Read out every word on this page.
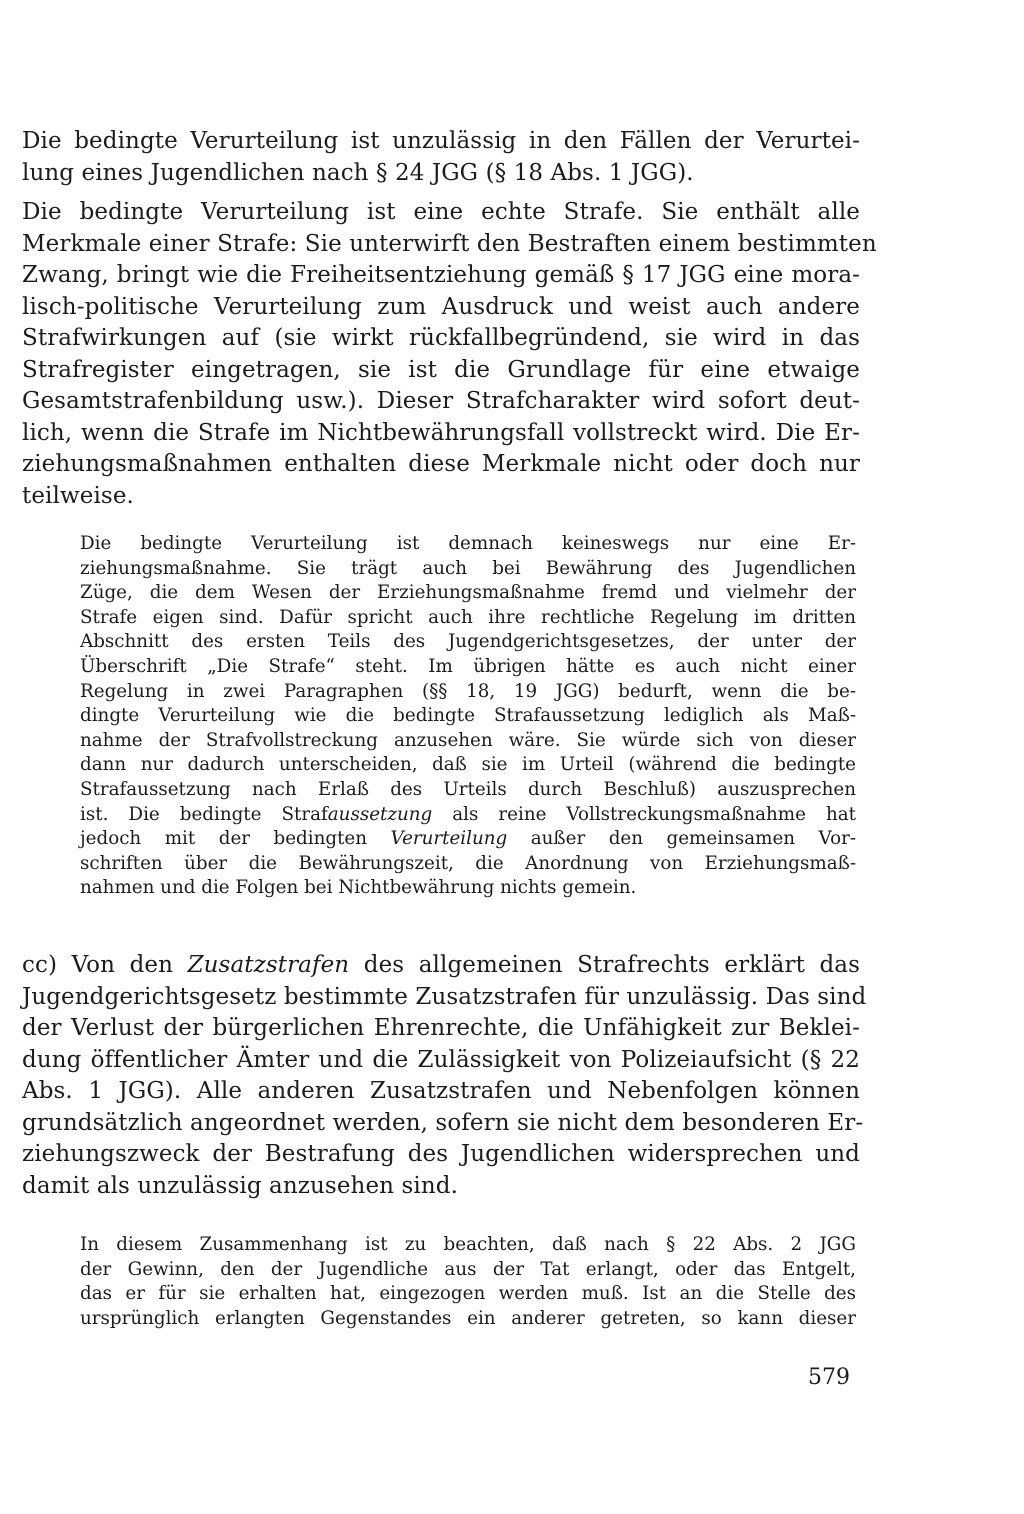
Die bedingte Verurteilung ist unzulässig in den Fällen der Verurtei-
lung eines Jugendlichen nach § 24 JGG (§ 18 Abs. 1 JGG).

Die bedingte Verurteilung ist eine echte Strafe. Sie enthält alle
Merkmale einer Strafe: Sie unterwirft den Bestraften einem bestimmten
Zwang, bringt wie die Freiheitsentziehung gemäß § 17 JGG eine mora-
lisch-politische Verurteilung zum Ausdruck und weist auch andere
Strafwirkungen auf (sie wirkt rückfallbegründend, sie wird in das
Strafregister eingetragen, sie ist die Grundlage für eine etwaige
Gesamtstrafenbildung usw.). Dieser Strafcharakter wird sofort deut-
lich, wenn die Strafe im Nichtbewährungsfall vollstreckt wird. Die Er-
ziehungsmaßnahmen enthalten diese Merkmale nicht oder doch nur
teilweise.

Die bedingte Verurteilung ist demnach keineswegs nur eine Er-
ziehungsmaßnahme. Sie trägt auch bei Bewährung des Jugendlichen
Züge, die dem Wesen der Erziehungsmaßnahme fremd und vielmehr der
Strafe eigen sind. Dafür spricht auch ihre rechtliche Regelung im dritten
Abschnitt des ersten Teils des Jugendgerichtsgesetzes, der unter der
Überschrift „Die Strafe“ steht. Im übrigen hätte es auch nicht einer
Regelung in zwei Paragraphen (§§ 18, 19 JGG) bedurft, wenn die be-
dingte Verurteilung wie die bedingte Strafaussetzung lediglich als Maß-
nahme der Strafvollstreckung anzusehen wäre. Sie würde sich von dieser
dann nur dadurch unterscheiden, daß sie im Urteil (während die bedingte
Strafaussetzung nach Erlaß des Urteils durch Beschluß) auszusprechen
ist. Die bedingte Strafaussetzung als reine Vollstreckungsmaßnahme hat
jedoch mit der bedingten Verurteilung außer den gemeinsamen Vor-
schriften über die Bewährungszeit, die Anordnung von Erziehungsmaß-
nahmen und die Folgen bei Nichtbewährung nichts gemein.

cc) Von den Zusatzstrafen des allgemeinen Strafrechts erklärt das
Jugendgerichtsgesetz bestimmte Zusatzstrafen für unzulässig. Das sind
der Verlust der bürgerlichen Ehrenrechte, die Unfähigkeit zur Beklei-
dung öffentlicher Ämter und die Zulässigkeit von Polizeiaufsicht (§ 22
Abs. 1 JGG). Alle anderen Zusatzstrafen und Nebenfolgen können
grundsätzlich angeordnet werden, sofern sie nicht dem besonderen Er-
ziehungszweck der Bestrafung des Jugendlichen widersprechen und
damit als unzulässig anzusehen sind.

In diesem Zusammenhang ist zu beachten, daß nach § 22 Abs. 2 JGG
der Gewinn, den der Jugendliche aus der Tat erlangt, oder das Entgelt,
das er für sie erhalten hat, eingezogen werden muß. Ist an die Stelle des
ursprünglich erlangten Gegenstandes ein anderer getreten, so kann dieser

579
